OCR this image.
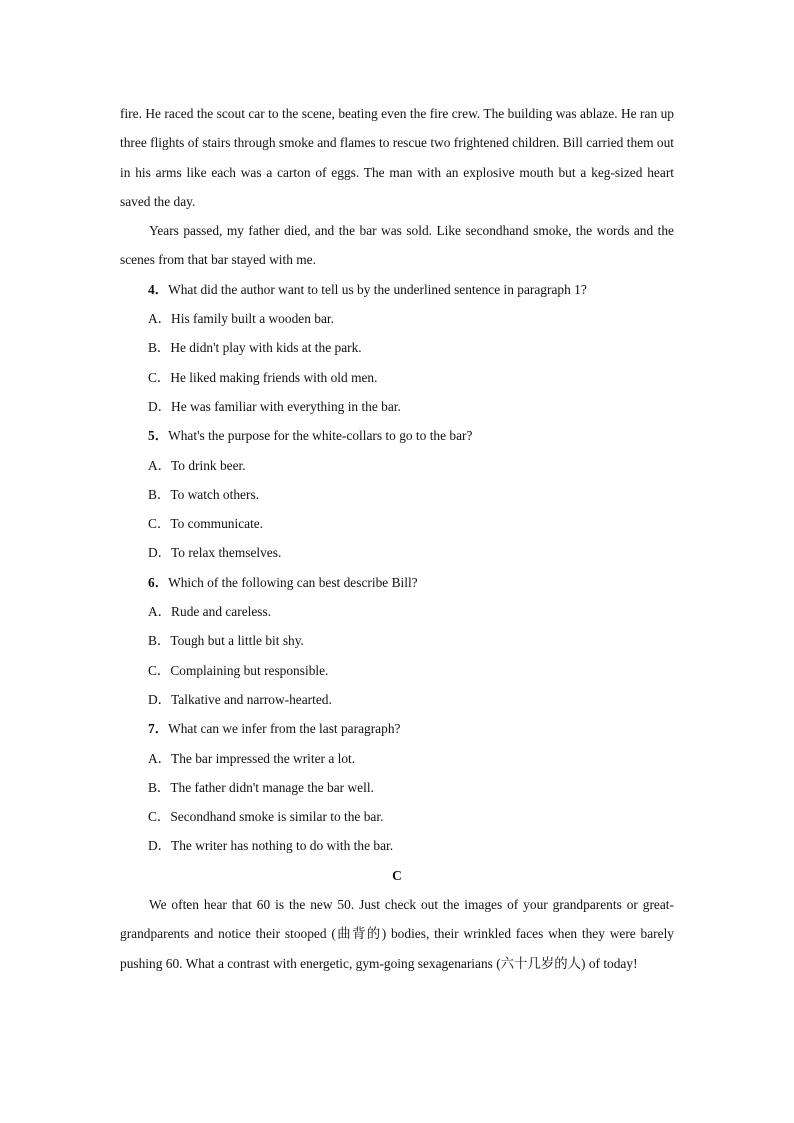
fire. He raced the scout car to the scene, beating even the fire crew. The building was ablaze. He ran up three flights of stairs through smoke and flames to rescue two frightened children. Bill carried them out in his arms like each was a carton of eggs. The man with an explosive mouth but a keg-sized heart saved the day.

Years passed, my father died, and the bar was sold. Like secondhand smoke, the words and the scenes from that bar stayed with me.

4．What did the author want to tell us by the underlined sentence in paragraph 1?

A．His family built a wooden bar.

B．He didn't play with kids at the park.

C．He liked making friends with old men.

D．He was familiar with everything in the bar.

5．What's the purpose for the white-collars to go to the bar?

A．To drink beer.

B．To watch others.

C．To communicate.

D．To relax themselves.

6．Which of the following can best describe Bill?

A．Rude and careless.

B．Tough but a little bit shy.

C．Complaining but responsible.

D．Talkative and narrow-hearted.

7．What can we infer from the last paragraph?

A．The bar impressed the writer a lot.

B．The father didn't manage the bar well.

C．Secondhand smoke is similar to the bar.

D．The writer has nothing to do with the bar.

C

We often hear that 60 is the new 50. Just check out the images of your grandparents or great-grandparents and notice their stooped (曲背的) bodies, their wrinkled faces when they were barely pushing 60. What a contrast with energetic, gym-going sexagenarians (六十几岁的人) of today!
